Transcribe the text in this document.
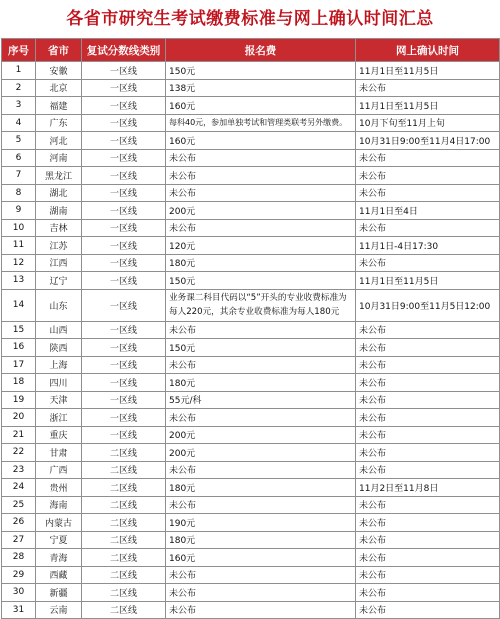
各省市研究生考试缴费标准与网上确认时间汇总
序号	省市	复试分数线类别	报名费	网上确认时间
1	安徽	一区线	150元	11月1日至11月5日
2	北京	一区线	138元	未公布
3	福建	一区线	160元	11月1日至11月5日
4	广东	一区线	每科40元，参加单独考试和管理类联考另外缴费。	10月下旬至11月上旬
5	河北	一区线	160元	10月31日9:00至11月4日17:00
6	河南	一区线	未公布	未公布
7	黑龙江	一区线	未公布	未公布
8	湖北	一区线	未公布	未公布
9	湖南	一区线	200元	11月1日至4日
10	吉林	一区线	未公布	未公布
11	江苏	一区线	120元	11月1日-4日17:30
12	江西	一区线	180元	未公布
13	辽宁	一区线	150元	11月1日至11月5日
14	山东	一区线	业务课二科目代码以“5”开头的专业收费标准为每人220元，其余专业收费标准为每人180元	10月31日9:00至11月5日12:00
15	山西	一区线	未公布	未公布
16	陕西	一区线	150元	未公布
17	上海	一区线	未公布	未公布
18	四川	一区线	180元	未公布
19	天津	一区线	55元/科	未公布
20	浙江	一区线	未公布	未公布
21	重庆	一区线	200元	未公布
22	甘肃	二区线	200元	未公布
23	广西	二区线	未公布	未公布
24	贵州	二区线	180元	11月2日至11月8日
25	海南	二区线	未公布	未公布
26	内蒙古	二区线	190元	未公布
27	宁夏	二区线	180元	未公布
28	青海	二区线	160元	未公布
29	西藏	二区线	未公布	未公布
30	新疆	二区线	未公布	未公布
31	云南	二区线	未公布	未公布
